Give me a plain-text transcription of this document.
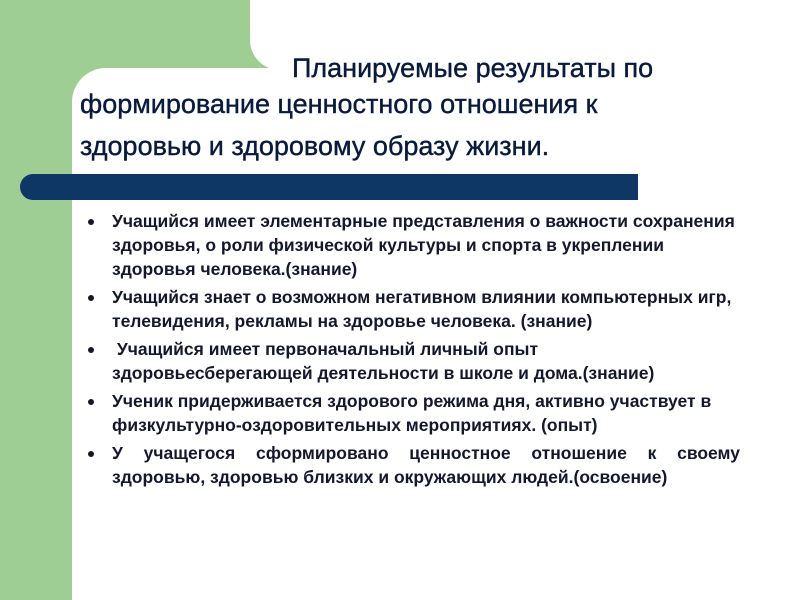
Планируемые результаты по
формирование ценностного отношения к
здоровью и здоровому образу жизни.
Учащийся имеет элементарные представления о важности сохранения здоровья, о роли физической культуры и спорта в укреплении здоровья человека.(знание)
Учащийся знает о возможном негативном влиянии компьютерных игр, телевидения, рекламы на здоровье человека. (знание)
Учащийся имеет первоначальный личный опыт здоровьесберегающей деятельности в школе и дома.(знание)
Ученик придерживается здорового режима дня, активно участвует в физкультурно-оздоровительных мероприятиях. (опыт)
У учащегося сформировано ценностное отношение к своему здоровью, здоровью близких и окружающих людей.(освоение)
